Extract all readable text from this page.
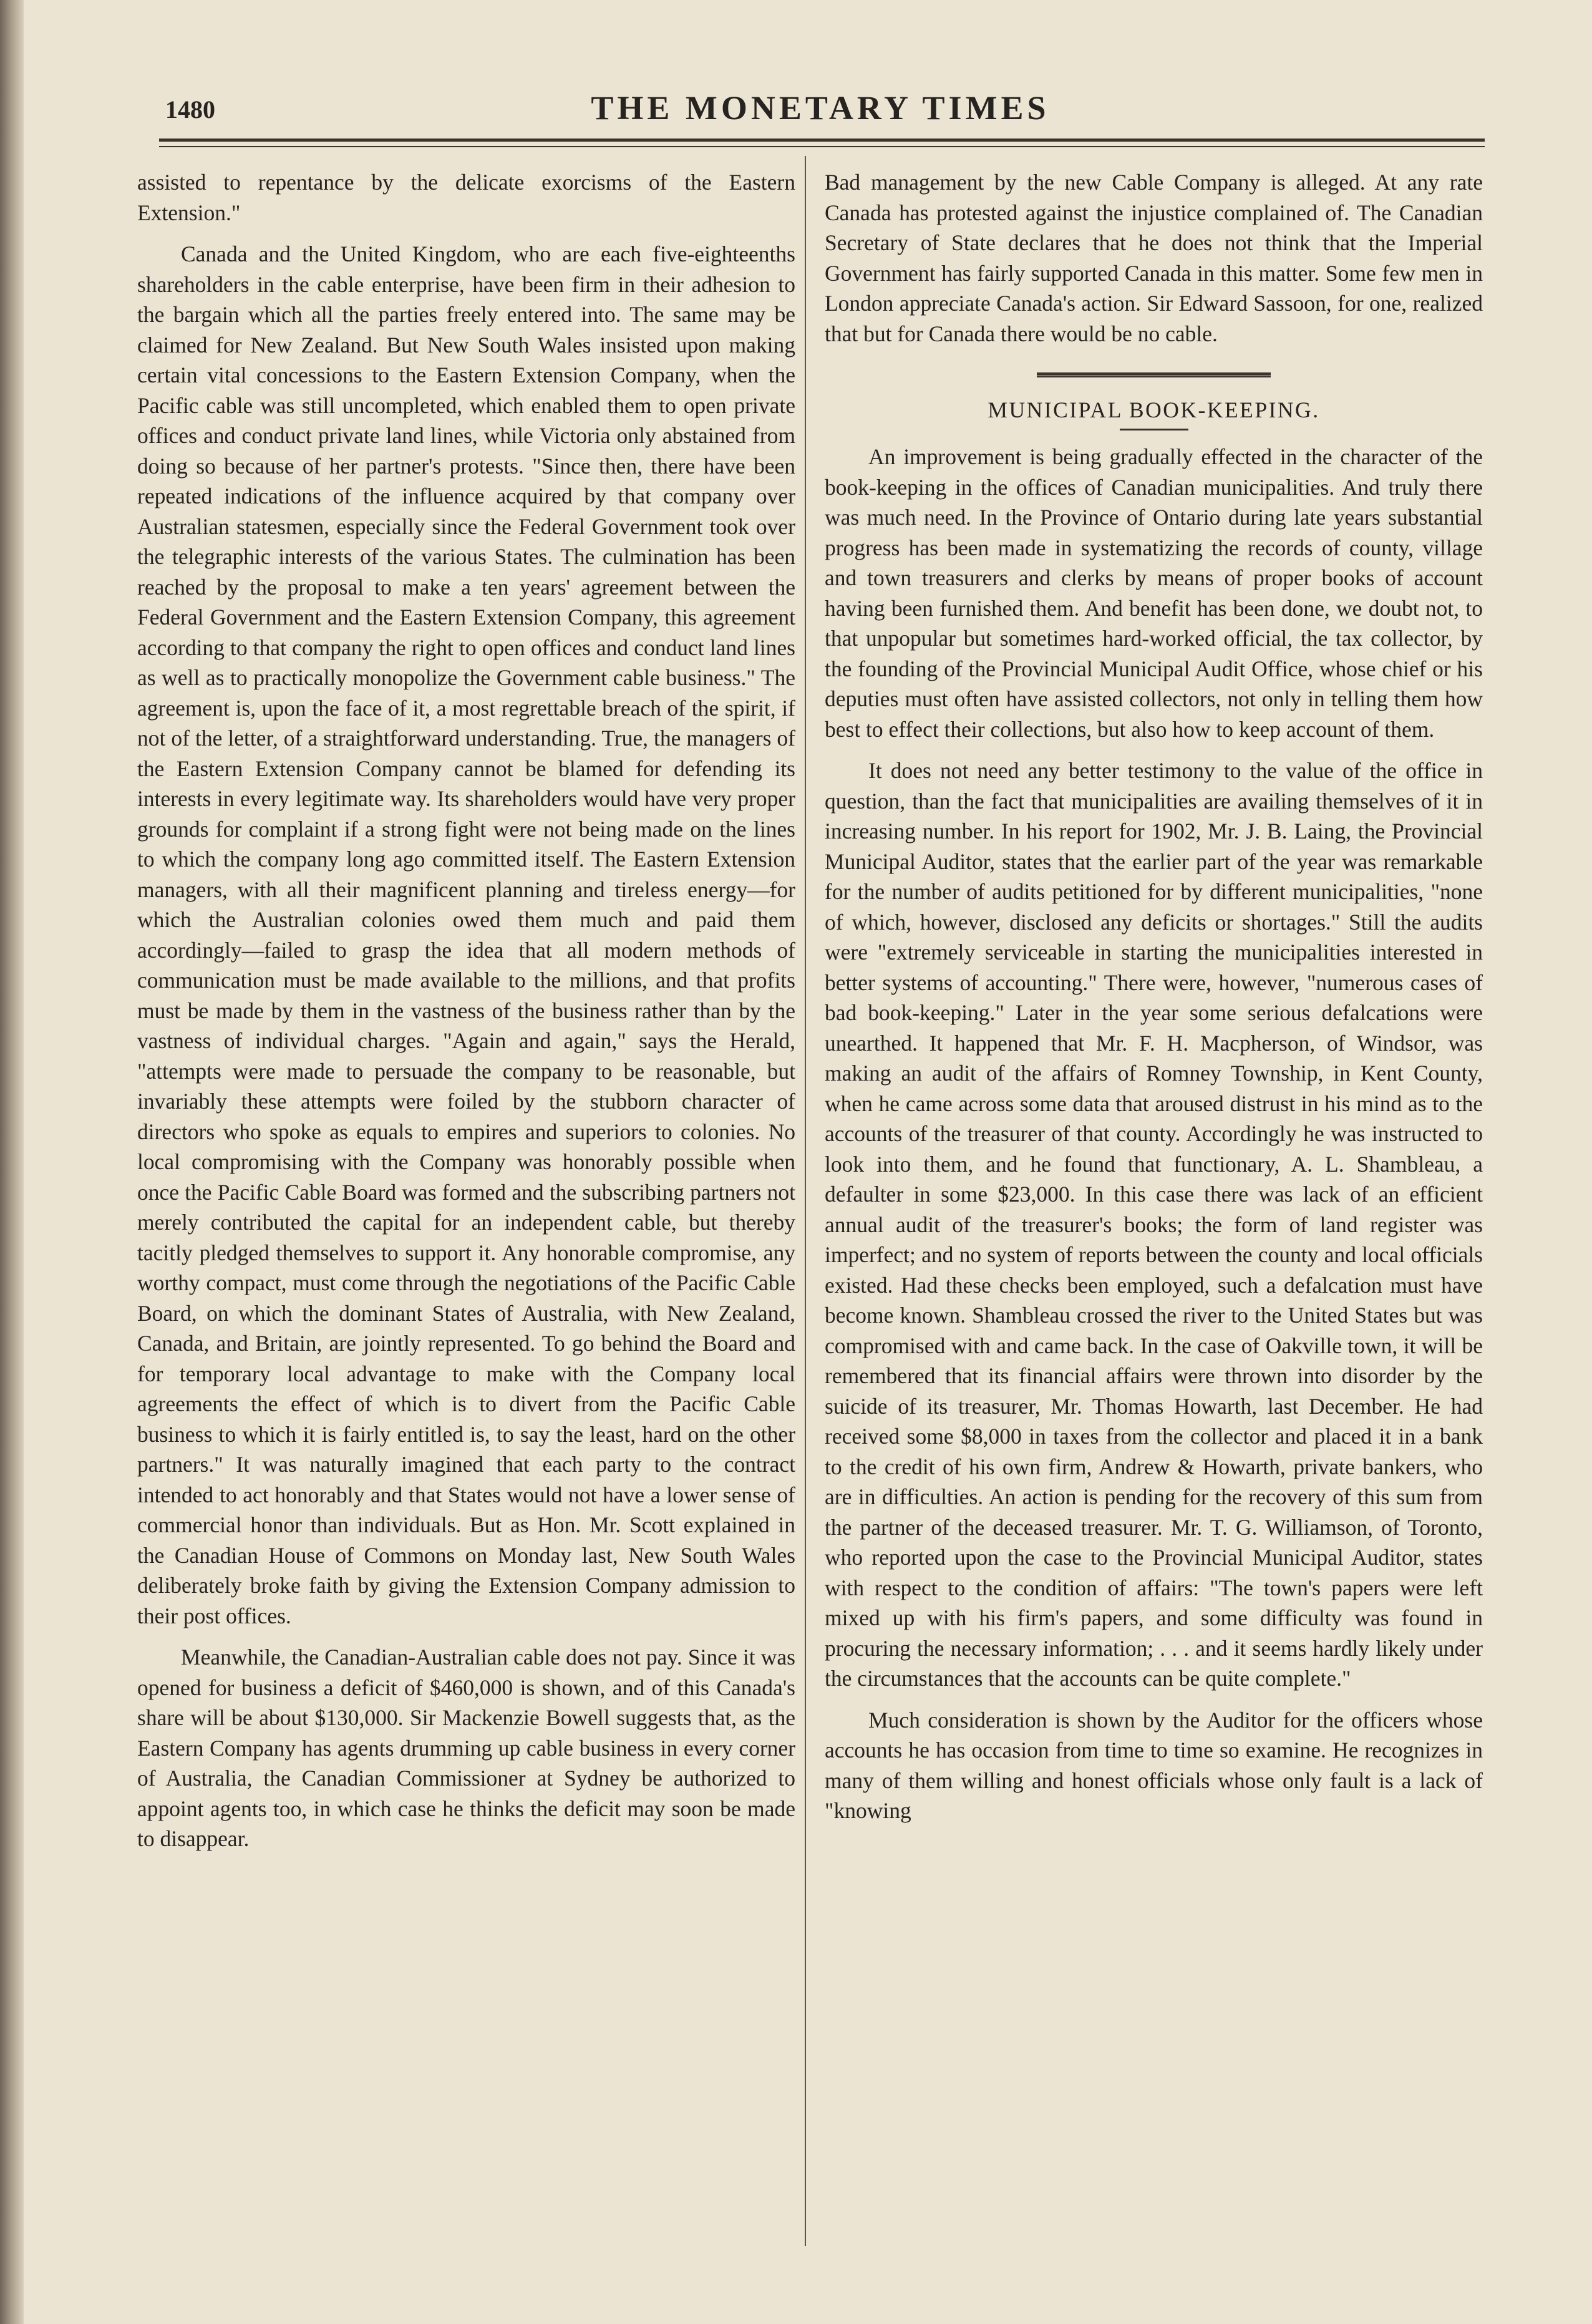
1480	THE MONETARY TIMES

assisted to repentance by the delicate exorcisms of the Eastern Extension."

Canada and the United Kingdom, who are each five-eighteenths shareholders in the cable enterprise, have been firm in their adhesion to the bargain which all the parties freely entered into. The same may be claimed for New Zealand. But New South Wales insisted upon making certain vital concessions to the Eastern Extension Company, when the Pacific cable was still uncompleted, which enabled them to open private offices and conduct private land lines, while Victoria only abstained from doing so because of her partner's protests. "Since then, there have been repeated indications of the influence acquired by that company over Australian statesmen, especially since the Federal Government took over the telegraphic interests of the various States. The culmination has been reached by the proposal to make a ten years' agreement between the Federal Government and the Eastern Extension Company, this agreement according to that company the right to open offices and conduct land lines as well as to practically monopolize the Government cable business." The agreement is, upon the face of it, a most regrettable breach of the spirit, if not of the letter, of a straightforward understanding. True, the managers of the Eastern Extension Company cannot be blamed for defending its interests in every legitimate way. Its shareholders would have very proper grounds for complaint if a strong fight were not being made on the lines to which the company long ago committed itself. The Eastern Extension managers, with all their magnificent planning and tireless energy—for which the Australian colonies owed them much and paid them accordingly—failed to grasp the idea that all modern methods of communication must be made available to the millions, and that profits must be made by them in the vastness of the business rather than by the vastness of individual charges. "Again and again," says the Herald, "attempts were made to persuade the company to be reasonable, but invariably these attempts were foiled by the stubborn character of directors who spoke as equals to empires and superiors to colonies. No local compromising with the Company was honorably possible when once the Pacific Cable Board was formed and the subscribing partners not merely contributed the capital for an independent cable, but thereby tacitly pledged themselves to support it. Any honorable compromise, any worthy compact, must come through the negotiations of the Pacific Cable Board, on which the dominant States of Australia, with New Zealand, Canada, and Britain, are jointly represented. To go behind the Board and for temporary local advantage to make with the Company local agreements the effect of which is to divert from the Pacific Cable business to which it is fairly entitled is, to say the least, hard on the other partners." It was naturally imagined that each party to the contract intended to act honorably and that States would not have a lower sense of commercial honor than individuals. But as Hon. Mr. Scott explained in the Canadian House of Commons on Monday last, New South Wales deliberately broke faith by giving the Extension Company admission to their post offices.

Meanwhile, the Canadian-Australian cable does not pay. Since it was opened for business a deficit of $460,000 is shown, and of this Canada's share will be about $130,000. Sir Mackenzie Bowell suggests that, as the Eastern Company has agents drumming up cable business in every corner of Australia, the Canadian Commissioner at Sydney be authorized to appoint agents too, in which case he thinks the deficit may soon be made to disappear.

Bad management by the new Cable Company is alleged. At any rate Canada has protested against the injustice complained of. The Canadian Secretary of State declares that he does not think that the Imperial Government has fairly supported Canada in this matter. Some few men in London appreciate Canada's action. Sir Edward Sassoon, for one, realized that but for Canada there would be no cable.

MUNICIPAL BOOK-KEEPING.

An improvement is being gradually effected in the character of the book-keeping in the offices of Canadian municipalities. And truly there was much need. In the Province of Ontario during late years substantial progress has been made in systematizing the records of county, village and town treasurers and clerks by means of proper books of account having been furnished them. And benefit has been done, we doubt not, to that unpopular but sometimes hard-worked official, the tax collector, by the founding of the Provincial Municipal Audit Office, whose chief or his deputies must often have assisted collectors, not only in telling them how best to effect their collections, but also how to keep account of them.

It does not need any better testimony to the value of the office in question, than the fact that municipalities are availing themselves of it in increasing number. In his report for 1902, Mr. J. B. Laing, the Provincial Municipal Auditor, states that the earlier part of the year was remarkable for the number of audits petitioned for by different municipalities, "none of which, however, disclosed any deficits or shortages." Still the audits were "extremely serviceable in starting the municipalities interested in better systems of accounting." There were, however, "numerous cases of bad book-keeping." Later in the year some serious defalcations were unearthed. It happened that Mr. F. H. Macpherson, of Windsor, was making an audit of the affairs of Romney Township, in Kent County, when he came across some data that aroused distrust in his mind as to the accounts of the treasurer of that county. Accordingly he was instructed to look into them, and he found that functionary, A. L. Shambleau, a defaulter in some $23,000. In this case there was lack of an efficient annual audit of the treasurer's books; the form of land register was imperfect; and no system of reports between the county and local officials existed. Had these checks been employed, such a defalcation must have become known. Shambleau crossed the river to the United States but was compromised with and came back. In the case of Oakville town, it will be remembered that its financial affairs were thrown into disorder by the suicide of its treasurer, Mr. Thomas Howarth, last December. He had received some $8,000 in taxes from the collector and placed it in a bank to the credit of his own firm, Andrew & Howarth, private bankers, who are in difficulties. An action is pending for the recovery of this sum from the partner of the deceased treasurer. Mr. T. G. Williamson, of Toronto, who reported upon the case to the Provincial Municipal Auditor, states with respect to the condition of affairs: "The town's papers were left mixed up with his firm's papers, and some difficulty was found in procuring the necessary information; . . . and it seems hardly likely under the circumstances that the accounts can be quite complete."

Much consideration is shown by the Auditor for the officers whose accounts he has occasion from time to time so examine. He recognizes in many of them willing and honest officials whose only fault is a lack of "knowing
